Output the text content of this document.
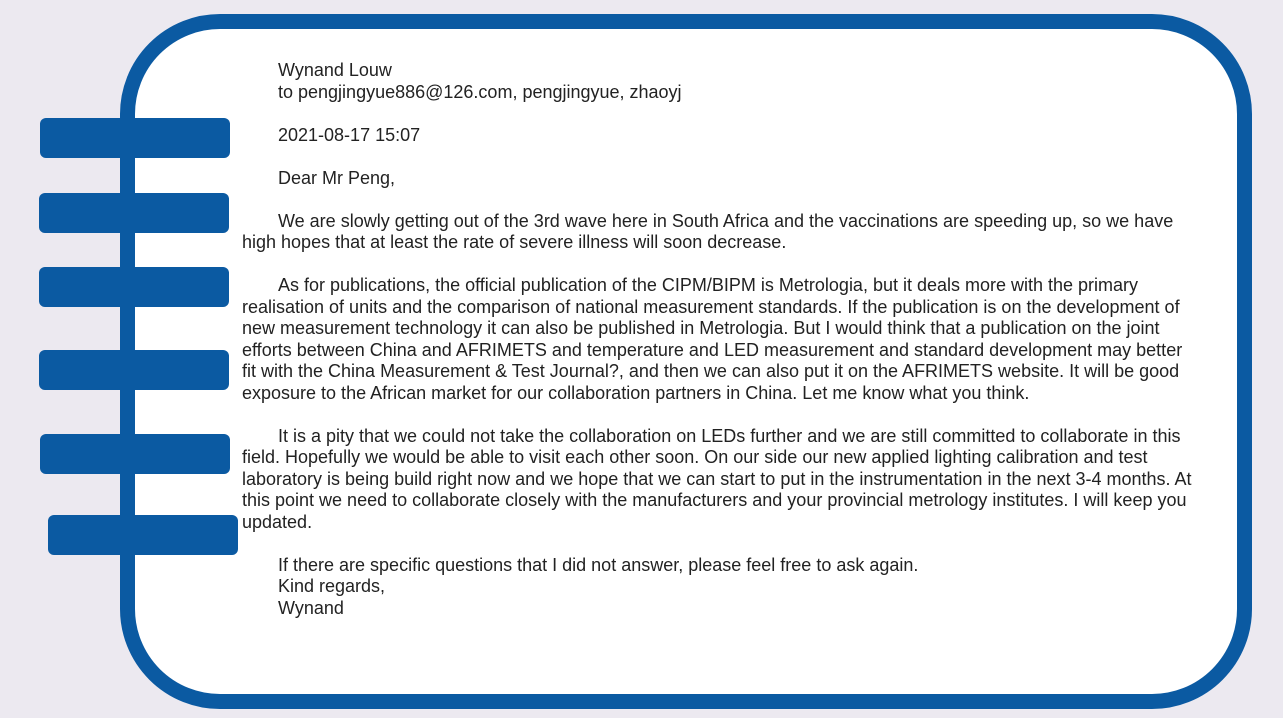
Wynand Louw

to pengjingyue886@126.com, pengjingyue, zhaoyj

2021-08-17 15:07

Dear Mr Peng,

We are slowly getting out of the 3rd wave here in South Africa and the vaccinations are speeding up, so we have high hopes that at least the rate of severe illness will soon decrease.

As for publications, the official publication of the CIPM/BIPM is Metrologia, but it deals more with the primary realisation of units and the comparison of national measurement standards. If the publication is on the development of new measurement technology it can also be published in Metrologia. But I would think that a publication on the joint efforts between China and AFRIMETS and temperature and LED measurement and standard development may better fit with the China Measurement & Test Journal?, and then we can also put it on the AFRIMETS website. It will be good exposure to the African market for our collaboration partners in China. Let me know what you think.

It is a pity that we could not take the collaboration on LEDs further and we are still committed to collaborate in this field. Hopefully we would be able to visit each other soon. On our side our new applied lighting calibration and test laboratory is being build right now and we hope that we can start to put in the instrumentation in the next 3-4 months. At this point we need to collaborate closely with the manufacturers and your provincial metrology institutes. I will keep you updated.

If there are specific questions that I did not answer, please feel free to ask again.

Kind regards,

Wynand
